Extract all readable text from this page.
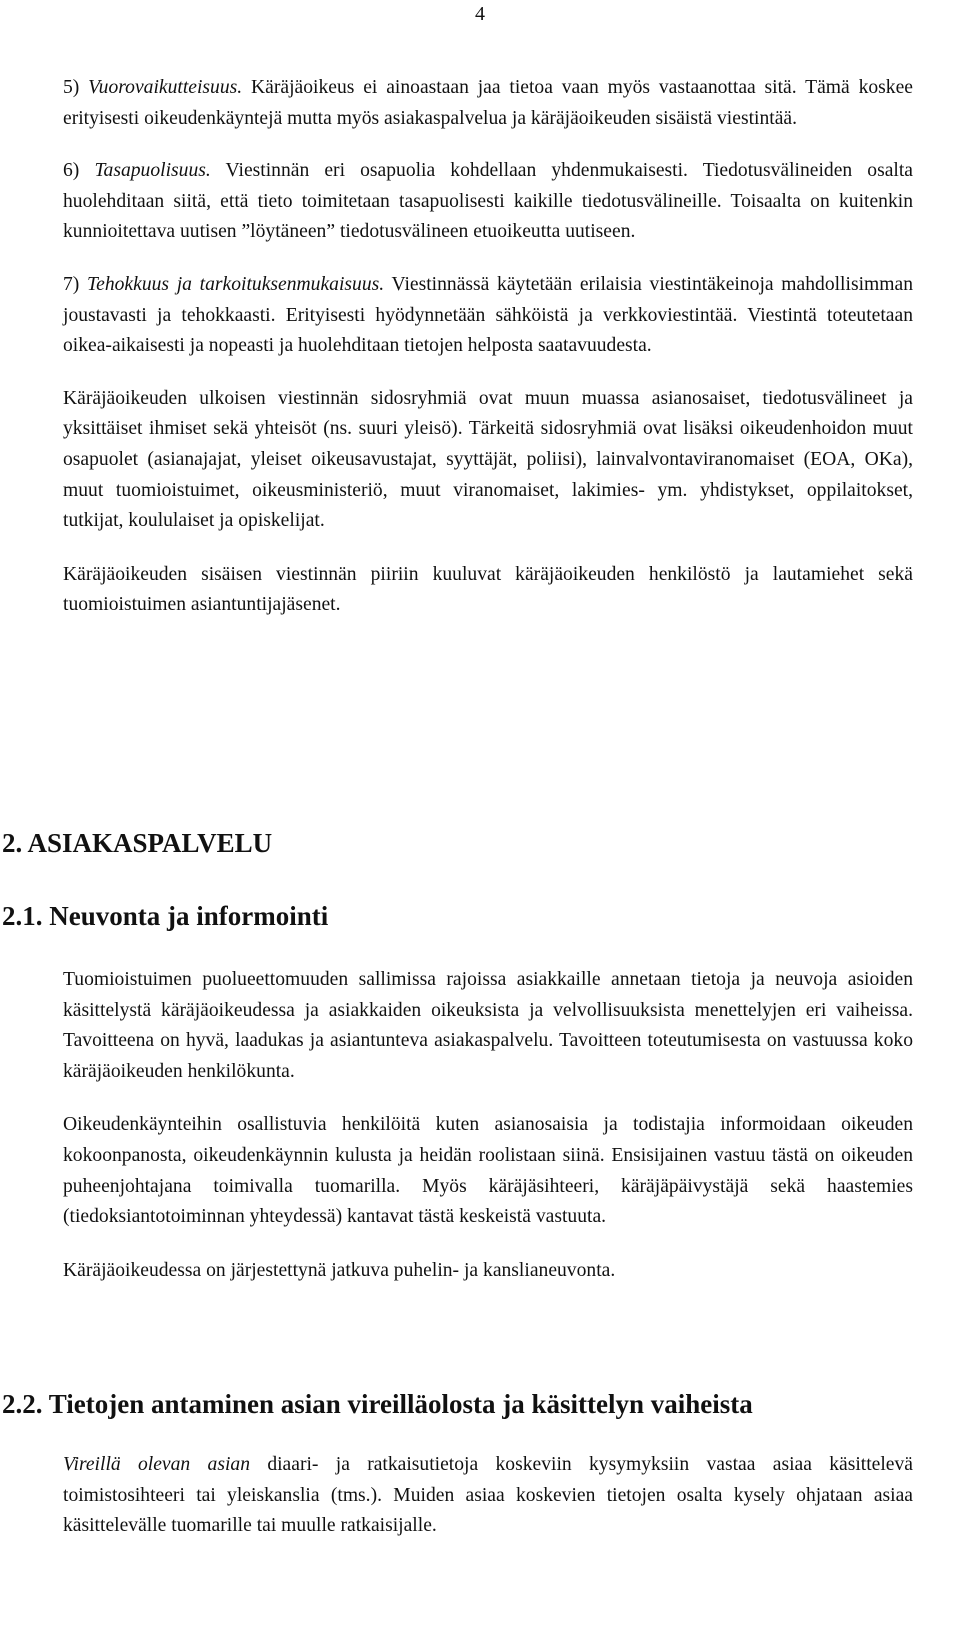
4

5) Vuorovaikutteisuus. Käräjäoikeus ei ainoastaan jaa tietoa vaan myös vastaanottaa sitä. Tämä koskee erityisesti oikeudenkäyntejä mutta myös asiakaspalvelua ja käräjäoikeuden sisäistä viestintää.

6) Tasapuolisuus. Viestinnän eri osapuolia kohdellaan yhdenmukaisesti. Tiedotusvälineiden osalta huolehditaan siitä, että tieto toimitetaan tasapuolisesti kaikille tiedotusvälineille. Toisaalta on kuitenkin kunnioitettava uutisen ”löytäneen” tiedotusvälineen etuoikeutta uutiseen.

7) Tehokkuus ja tarkoituksenmukaisuus. Viestinnässä käytetään erilaisia viestintäkeinoja mahdollisimman joustavasti ja tehokkaasti. Erityisesti hyödynnetään sähköistä ja verkkoviestintää. Viestintä toteutetaan oikea-aikaisesti ja nopeasti ja huolehditaan tietojen helposta saatavuudesta.

Käräjäoikeuden ulkoisen viestinnän sidosryhmiä ovat muun muassa asianosaiset, tiedotusvälineet ja yksittäiset ihmiset sekä yhteisöt (ns. suuri yleisö). Tärkeitä sidosryhmiä ovat lisäksi oikeudenhoidon muut osapuolet (asianajajat, yleiset oikeusavustajat, syyttäjät, poliisi), lainvalvontaviranomaiset (EOA, OKa), muut tuomioistuimet, oikeusministeriö, muut viranomaiset, lakimies- ym. yhdistykset, oppilaitokset, tutkijat, koululaiset ja opiskelijat.

Käräjäoikeuden sisäisen viestinnän piiriin kuuluvat käräjäoikeuden henkilöstö ja lautamiehet sekä tuomioistuimen asiantuntijajäsenet.

2. ASIAKASPALVELU
2.1. Neuvonta ja informointi

Tuomioistuimen puolueettomuuden sallimissa rajoissa asiakkaille annetaan tietoja ja neuvoja asioiden käsittelystä käräjäoikeudessa ja asiakkaiden oikeuksista ja velvollisuuksista menettelyjen eri vaiheissa. Tavoitteena on hyvä, laadukas ja asiantunteva asiakaspalvelu. Tavoitteen toteutumisesta on vastuussa koko käräjäoikeuden henkilökunta.

Oikeudenkäynteihin osallistuvia henkilöitä kuten asianosaisia ja todistajia informoidaan oikeuden kokoonpanosta, oikeudenkäynnin kulusta ja heidän roolistaan siinä. Ensisijainen vastuu tästä on oikeuden puheenjohtajana toimivalla tuomarilla. Myös käräjäsihteeri, käräjäpäivystäjä sekä haastemies (tiedoksiantotoiminnan yhteydessä) kantavat tästä keskeistä vastuuta.

Käräjäoikeudessa on järjestettynä jatkuva puhelin- ja kanslianeuvonta.

2.2. Tietojen antaminen asian vireilläolosta ja käsittelyn vaiheista

Vireillä olevan asian diaari- ja ratkaisutietoja koskeviin kysymyksiin vastaa asiaa käsittelevä toimistosihteeri tai yleiskanslia (tms.). Muiden asiaa koskevien tietojen osalta kysely ohjataan asiaa käsittelevälle tuomarille tai muulle ratkaisijalle.
